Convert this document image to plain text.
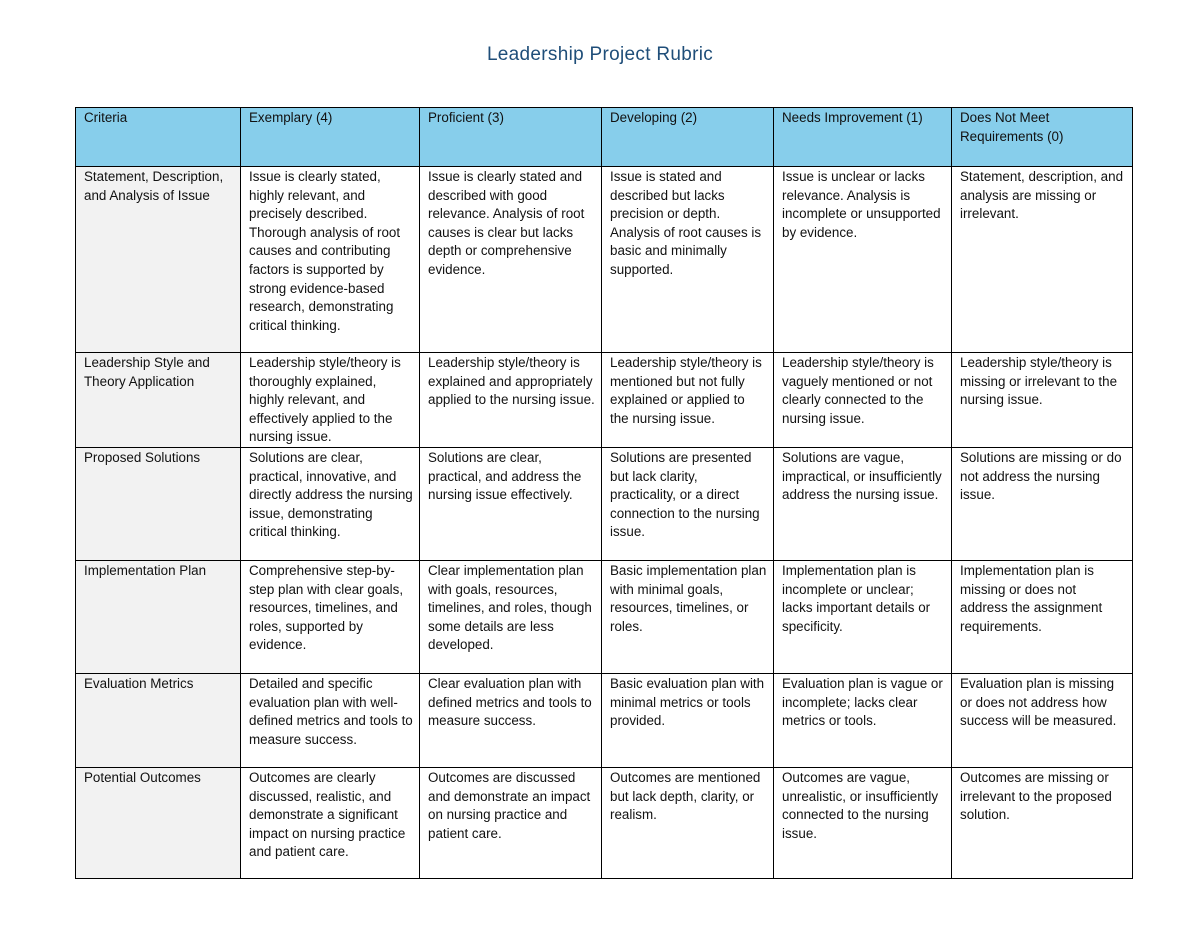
Leadership Project Rubric
Criteria	Exemplary (4)	Proficient (3)	Developing (2)	Needs Improvement (1)	Does Not Meet Requirements (0)
Statement, Description, and Analysis of Issue	Issue is clearly stated, highly relevant, and precisely described. Thorough analysis of root causes and contributing factors is supported by strong evidence-based research, demonstrating critical thinking.	Issue is clearly stated and described with good relevance. Analysis of root causes is clear but lacks depth or comprehensive evidence.	Issue is stated and described but lacks precision or depth. Analysis of root causes is basic and minimally supported.	Issue is unclear or lacks relevance. Analysis is incomplete or unsupported by evidence.	Statement, description, and analysis are missing or irrelevant.
Leadership Style and Theory Application	Leadership style/theory is thoroughly explained, highly relevant, and effectively applied to the nursing issue.	Leadership style/theory is explained and appropriately applied to the nursing issue.	Leadership style/theory is mentioned but not fully explained or applied to the nursing issue.	Leadership style/theory is vaguely mentioned or not clearly connected to the nursing issue.	Leadership style/theory is missing or irrelevant to the nursing issue.
Proposed Solutions	Solutions are clear, practical, innovative, and directly address the nursing issue, demonstrating critical thinking.	Solutions are clear, practical, and address the nursing issue effectively.	Solutions are presented but lack clarity, practicality, or a direct connection to the nursing issue.	Solutions are vague, impractical, or insufficiently address the nursing issue.	Solutions are missing or do not address the nursing issue.
Implementation Plan	Comprehensive step-by-step plan with clear goals, resources, timelines, and roles, supported by evidence.	Clear implementation plan with goals, resources, timelines, and roles, though some details are less developed.	Basic implementation plan with minimal goals, resources, timelines, or roles.	Implementation plan is incomplete or unclear; lacks important details or specificity.	Implementation plan is missing or does not address the assignment requirements.
Evaluation Metrics	Detailed and specific evaluation plan with well-defined metrics and tools to measure success.	Clear evaluation plan with defined metrics and tools to measure success.	Basic evaluation plan with minimal metrics or tools provided.	Evaluation plan is vague or incomplete; lacks clear metrics or tools.	Evaluation plan is missing or does not address how success will be measured.
Potential Outcomes	Outcomes are clearly discussed, realistic, and demonstrate a significant impact on nursing practice and patient care.	Outcomes are discussed and demonstrate an impact on nursing practice and patient care.	Outcomes are mentioned but lack depth, clarity, or realism.	Outcomes are vague, unrealistic, or insufficiently connected to the nursing issue.	Outcomes are missing or irrelevant to the proposed solution.
